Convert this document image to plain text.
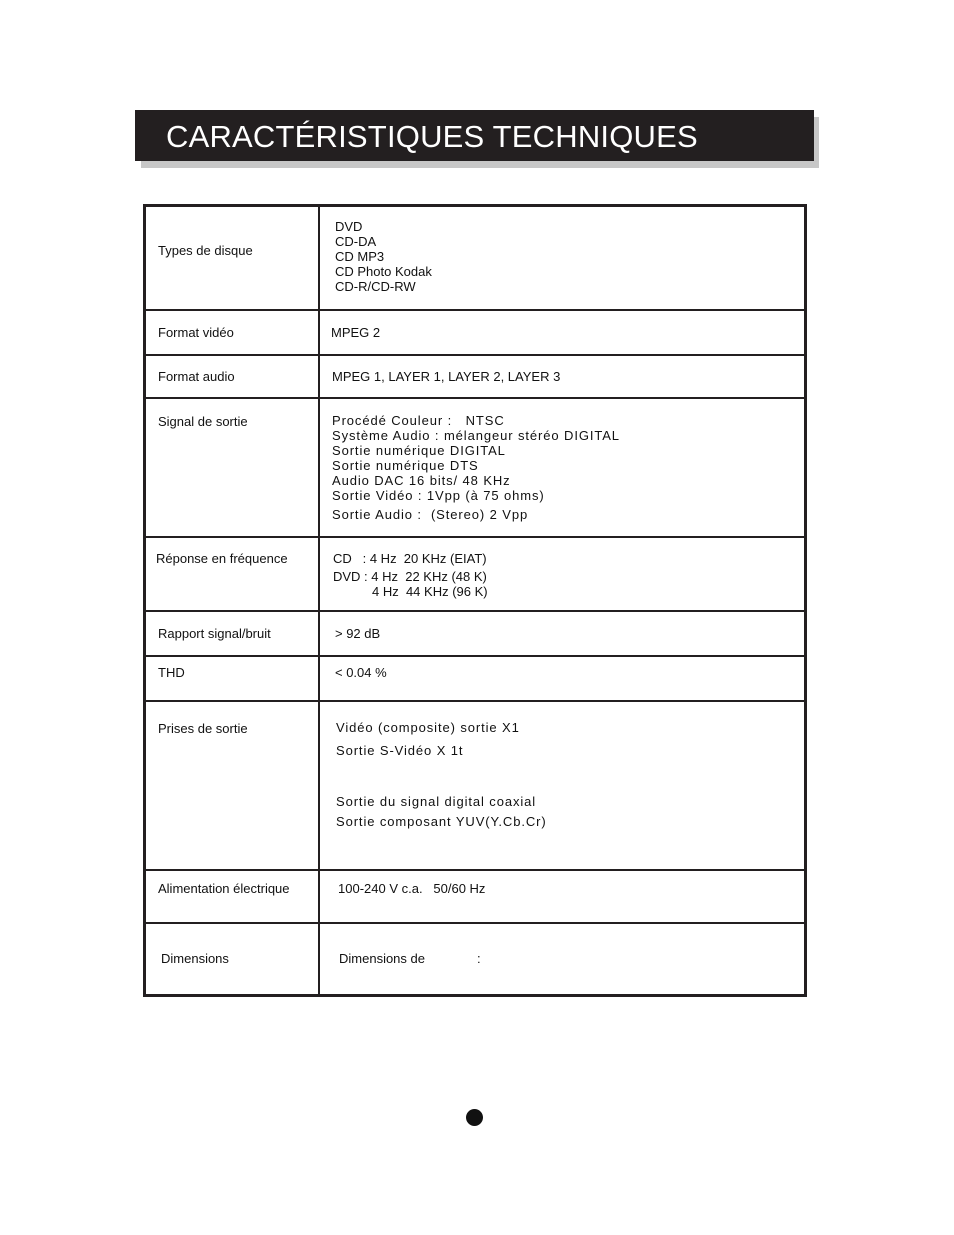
CARACTÉRISTIQUES TECHNIQUES
Types de disque
DVD
CD-DA
CD MP3
CD Photo Kodak
CD-R/CD-RW
Format vidéo	MPEG 2
Format audio	MPEG 1, LAYER 1, LAYER 2, LAYER 3
Signal de sortie	Procédé Couleur :   NTSC
Système Audio : mélangeur stéréo DIGITAL
Sortie numérique DIGITAL
Sortie numérique DTS
Audio DAC 16 bits/ 48 KHz
Sortie Vidéo : 1Vpp (à 75 ohms)
Sortie Audio :  (Stereo) 2 Vpp
Réponse en fréquence	CD   : 4 Hz  20 KHz (EIAT)
DVD : 4 Hz  22 KHz (48 K)
4 Hz  44 KHz (96 K)
Rapport signal/bruit	> 92 dB
THD	< 0.04 %
Prises de sortie	Vidéo (composite) sortie X1
Sortie S-Vidéo X 1t
Sortie du signal digital coaxial
Sortie composant YUV(Y.Cb.Cr)
Alimentation électrique	100-240 V c.a.   50/60 Hz
Dimensions	Dimensions de	:
